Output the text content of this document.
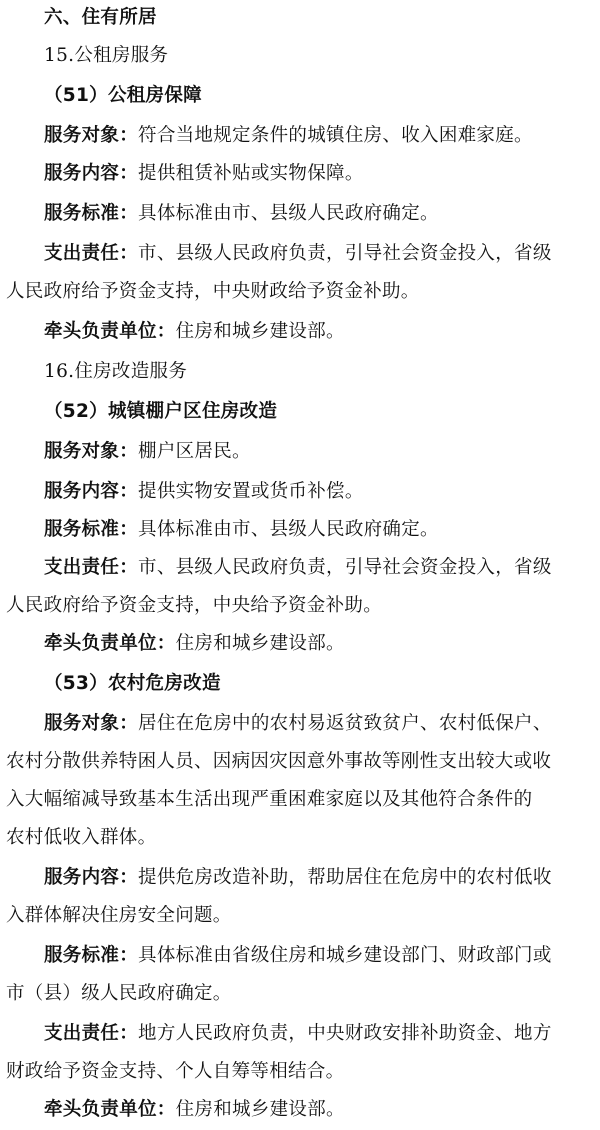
六、住有所居
15.公租房服务
（51）公租房保障
服务对象：符合当地规定条件的城镇住房、收入困难家庭。
服务内容：提供租赁补贴或实物保障。
服务标准：具体标准由市、县级人民政府确定。
支出责任：市、县级人民政府负责，引导社会资金投入，省级
人民政府给予资金支持，中央财政给予资金补助。
牵头负责单位：住房和城乡建设部。
16.住房改造服务
（52）城镇棚户区住房改造
服务对象：棚户区居民。
服务内容：提供实物安置或货币补偿。
服务标准：具体标准由市、县级人民政府确定。
支出责任：市、县级人民政府负责，引导社会资金投入，省级
人民政府给予资金支持，中央给予资金补助。
牵头负责单位：住房和城乡建设部。
（53）农村危房改造
服务对象：居住在危房中的农村易返贫致贫户、农村低保户、
农村分散供养特困人员、因病因灾因意外事故等刚性支出较大或收
入大幅缩减导致基本生活出现严重困难家庭以及其他符合条件的
农村低收入群体。
服务内容：提供危房改造补助，帮助居住在危房中的农村低收
入群体解决住房安全问题。
服务标准：具体标准由省级住房和城乡建设部门、财政部门或
市（县）级人民政府确定。
支出责任：地方人民政府负责，中央财政安排补助资金、地方
财政给予资金支持、个人自筹等相结合。
牵头负责单位：住房和城乡建设部。
